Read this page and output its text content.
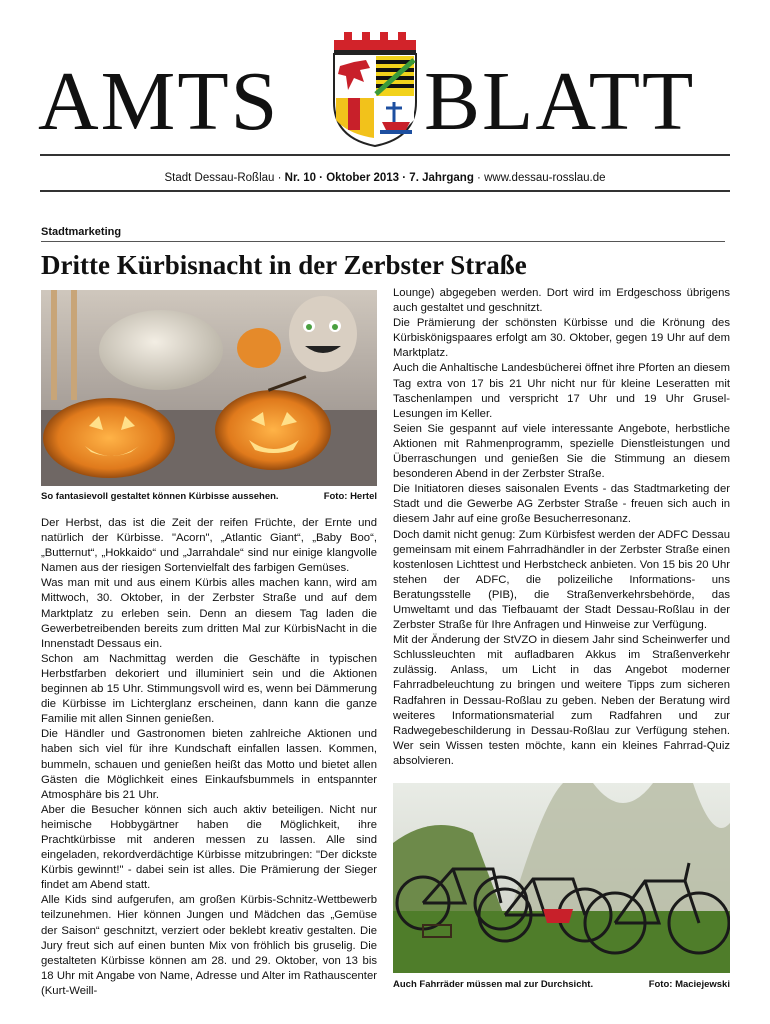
AMTS BLATT
Stadt Dessau-Roßlau · Nr. 10 · Oktober 2013 · 7. Jahrgang · www.dessau-rosslau.de
Stadtmarketing
Dritte Kürbisnacht in der Zerbster Straße
So fantasievoll gestaltet können Kürbisse aussehen.	Foto: Hertel

Der Herbst, das ist die Zeit der reifen Früchte, der Ernte und natürlich der Kürbisse. "Acorn", „Atlantic Giant“, „Baby Boo“, „Butternut“, „Hokkaido“ und „Jarrahdale“ sind nur einige klangvolle Namen aus der riesigen Sortenvielfalt des farbigen Gemüses.

Was man mit und aus einem Kürbis alles machen kann, wird am Mittwoch, 30. Oktober, in der Zerbster Straße und auf dem Marktplatz zu erleben sein. Denn an diesem Tag laden die Gewerbetreibenden bereits zum dritten Mal zur KürbisNacht in die Innenstadt Dessaus ein.

Schon am Nachmittag werden die Geschäfte in typischen Herbstfarben dekoriert und illuminiert sein und die Aktionen beginnen ab 15 Uhr. Stimmungsvoll wird es, wenn bei Dämmerung die Kürbisse im Lichterglanz erscheinen, dann kann die ganze Familie mit allen Sinnen genießen.

Die Händler und Gastronomen bieten zahlreiche Aktionen und haben sich viel für ihre Kundschaft einfallen lassen. Kommen, bummeln, schauen und genießen heißt das Motto und bietet allen Gästen die Möglichkeit eines Einkaufsbummels in entspannter Atmosphäre bis 21 Uhr.

Aber die Besucher können sich auch aktiv beteiligen. Nicht nur heimische Hobbygärtner haben die Möglichkeit, ihre Prachtkürbisse mit anderen messen zu lassen. Alle sind eingeladen, rekordverdächtige Kürbisse mitzubringen: "Der dickste Kürbis gewinnt!" - dabei sein ist alles. Die Prämierung der Sieger findet am Abend statt.

Alle Kids sind aufgerufen, am großen Kürbis-Schnitz-Wettbewerb teilzunehmen. Hier können Jungen und Mädchen das „Gemüse der Saison“ geschnitzt, verziert oder beklebt kreativ gestalten. Die Jury freut sich auf einen bunten Mix von fröhlich bis gruselig. Die gestalteten Kürbisse können am 28. und 29. Oktober, von 13 bis 18 Uhr mit Angabe von Name, Adresse und Alter im Rathauscenter (Kurt-Weill-

Lounge) abgegeben werden. Dort wird im Erdgeschoss übrigens auch gestaltet und geschnitzt.

Die Prämierung der schönsten Kürbisse und die Krönung des Kürbiskönigspaares erfolgt am 30. Oktober, gegen 19 Uhr auf dem Marktplatz.

Auch die Anhaltische Landesbücherei öffnet ihre Pforten an diesem Tag extra von 17 bis 21 Uhr nicht nur für kleine Leseratten mit Taschenlampen und verspricht 17 Uhr und 19 Uhr Grusel-Lesungen im Keller.

Seien Sie gespannt auf viele interessante Angebote, herbstliche Aktionen mit Rahmenprogramm, spezielle Dienstleistungen und Überraschungen und genießen Sie die Stimmung an diesem besonderen Abend in der Zerbster Straße.

Die Initiatoren dieses saisonalen Events - das Stadtmarketing der Stadt und die Gewerbe AG Zerbster Straße - freuen sich auch in diesem Jahr auf eine große Besucherresonanz.

Doch damit nicht genug: Zum Kürbisfest werden der ADFC Dessau gemeinsam mit einem Fahrradhändler in der Zerbster Straße einen kostenlosen Lichttest und Herbstcheck anbieten. Von 15 bis 20 Uhr stehen der ADFC, die polizeiliche Informations- uns Beratungsstelle (PIB), die Straßenverkehrsbehörde, das Umweltamt und das Tiefbauamt der Stadt Dessau-Roßlau in der Zerbster Straße für Ihre Anfragen und Hinweise zur Verfügung.

Mit der Änderung der StVZO in diesem Jahr sind Scheinwerfer und Schlussleuchten mit aufladbaren Akkus im Straßenverkehr zulässig. Anlass, um Licht in das Angebot moderner Fahrradbeleuchtung zu bringen und weitere Tipps zum sicheren Radfahren in Dessau-Roßlau zu geben. Neben der Beratung wird weiteres Informationsmaterial zum Radfahren und zur Radwegebeschilderung in Dessau-Roßlau zur Verfügung stehen. Wer sein Wissen testen möchte, kann ein kleines Fahrrad-Quiz absolvieren.

Auch Fahrräder müssen mal zur Durchsicht.	Foto: Maciejewski
